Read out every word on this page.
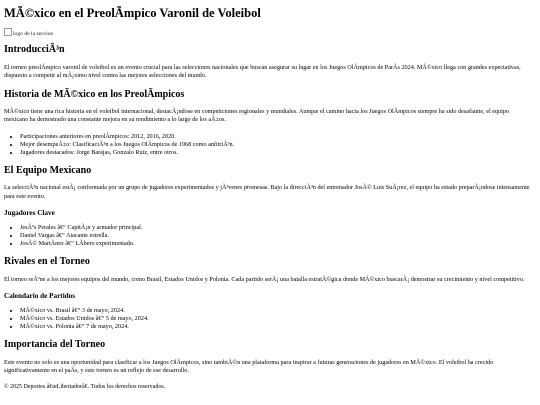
MÃ©xico en el PreolÃmpico Varonil de Voleibol
logo de la seccion
IntroducciÃ³n

El torneo preolÃmpico varonil de voleibol es un evento crucial para las selecciones nacionales que buscan asegurar su lugar en los Juegos OlÃmpicos de ParÃs 2024. MÃ©xico llega con grandes expectativas, dispuesto a competir al mÃ¡ximo nivel contra las mejores selecciones del mundo.

Historia de MÃ©xico en los PreolÃmpicos

MÃ©xico tiene una rica historia en el voleibol internacional, destacÃ¡ndose en competiciones regionales y mundiales. Aunque el camino hacia los Juegos OlÃmpicos siempre ha sido desafiante, el equipo mexicano ha demostrado una constante mejora en su rendimiento a lo largo de los aÃ±os.

• Participaciones anteriores en preolÃmpicos: 2012, 2016, 2020.
• Mejor desempeÃ±o: ClasificaciÃ³n a los Juegos OlÃmpicos de 1968 como anfitriÃ³n.
• Jugadores destacados: Jorge Barajas, Gonzalo Ruiz, entre otros.
El Equipo Mexicano

La selecciÃ³n nacional estÃ¡ conformada por un grupo de jugadores experimentados y jÃ³venes promesas. Bajo la direcciÃ³n del entrenador JosÃ© Luis SuÃ¡rez, el equipo ha estado preparÃ¡ndose intensamente para este evento.

Jugadores Clave
• JesÃºs Perales â€“ CapitÃ¡n y armador principal.
• Daniel Vargas â€“ Atacante estrella.
• JosÃ© MartÃnez â€“ LÃbero experimentado.
Rivales en el Torneo

El torneo reÃºne a los mejores equipos del mundo, como Brasil, Estados Unidos y Polonia. Cada partido serÃ¡ una batalla estratÃ©gica donde MÃ©xico buscarÃ¡ demostrar su crecimiento y nivel competitivo.

Calendario de Partidos
• MÃ©xico vs. Brasil â€“ 3 de mayo, 2024.
• MÃ©xico vs. Estados Unidos â€“ 5 de mayo, 2024.
• MÃ©xico vs. Polonia â€“ 7 de mayo, 2024.
Importancia del Torneo

Este evento no solo es una oportunidad para clasificar a los Juegos OlÃmpicos, sino tambiÃ©n una plataforma para inspirar a futuras generaciones de jugadores en MÃ©xico. El voleibol ha crecido significativamente en el paÃs, y este torneo es un reflejo de ese desarrollo.

© 2025 Deportes â€œLibertadorâ€. Todos los derechos reservados.
